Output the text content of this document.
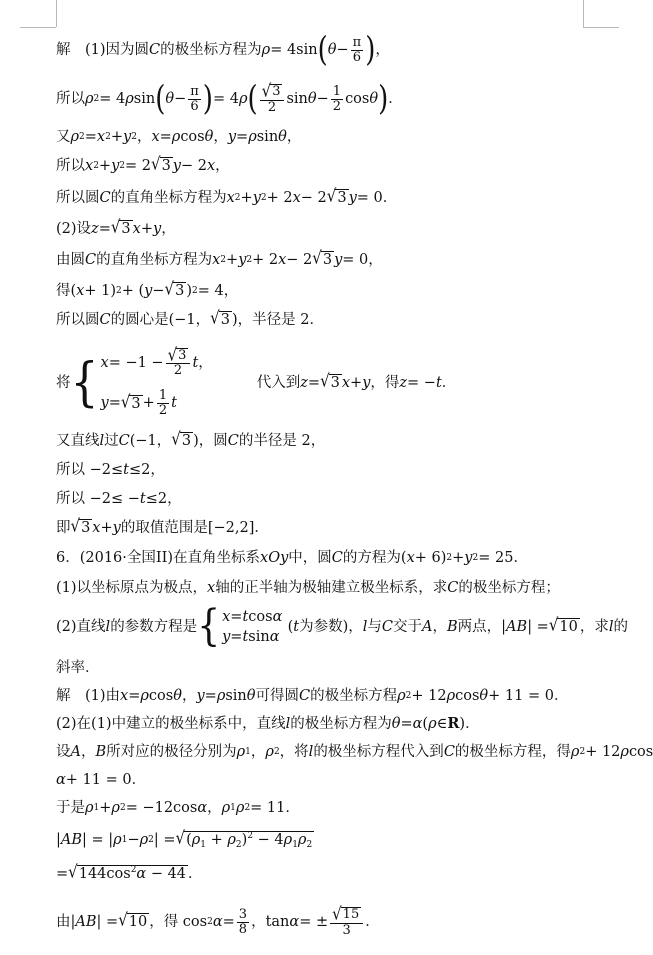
解　(1)因为圆 C 的极坐标方程为 ρ = 4sin ( $\theta - \frac{\pi}{6}$ ) ，
所以 ρ 2 = 4 ρ sin ( $\theta - \frac{\pi}{6}$ ) = 4 ρ ( $\frac{√ 3}{2}$ $\sin \theta - \frac{1}{2}$ cos θ ) ．
又 ρ 2 = x 2 + y 2 ， x = ρ cos θ ， y = ρ sin θ ，
所以 x 2 + y 2 = 2 √ 3 y − 2 x ，
所以圆 C 的直角坐标方程为 x 2 + y 2 + 2 x − 2 √ 3 y = 0．
(2)设 z = √ 3 x + y ，
由圆 C 的直角坐标方程为 x 2 + y 2 + 2 x − 2 √ 3 y = 0，
得( x + 1) 2 + ( y − √ 3 ) 2 = 4，
所以圆 C 的圆心是(−1， √ 3 )，半径是 2．
将 { $x = -1 - \frac{√ 3}{2}$ t ，
y = √ $3 + \frac{1}{2}$ t
代入到 z = √ 3 x + y ，得 z = − t ．
又直线 l 过 C (−1， √ 3 )，圆 C 的半径是 2，
所以 −2≤ t ≤2，
所以 −2≤ − t ≤2，
即 √ 3 x + y 的取值范围是[−2,2]．
6．(2016·全国II)在直角坐标系 xOy 中，圆 C 的方程为( x + 6) 2 + y 2 = 25．
(1)以坐标原点为极点， x 轴的正半轴为极轴建立极坐标系，求 C 的极坐标方程；
(2)直线 l 的参数方程是 { x = t cos α
y = t sin α
( t 为参数)， l 与 C 交于 A ， B 两点，| AB | = √ 10 ，求 l 的
斜率．
解　(1)由 x = ρ cos θ ， y = ρ sin θ 可得圆 C 的极坐标方程 ρ 2 + 12 ρ cos θ + 11 = 0．
(2)在(1)中建立的极坐标系中，直线 l 的极坐标方程为 θ = α ( ρ ∈ R )．
设 A ， B 所对应的极径分别为 ρ 1 ， ρ 2 ，将 l 的极坐标方程代入到 C 的极坐标方程，得 ρ 2 + 12 ρ cos
α + 11 = 0．
于是 ρ 1 + ρ 2 = −12cos α ， ρ 1 ρ 2 = 11．
| AB | = | ρ 1 − ρ 2 | = √ $(\rho_1 + \rho_2)^2 - 4\rho_1\rho_2$
= √ $144\cos^2\alpha - 44$ ．
由| AB | = √ 10 ，得 cos 2 $\alpha = \frac{3}{8}$ ，tan α = ± $\frac{√ 15}{3}$ ．
